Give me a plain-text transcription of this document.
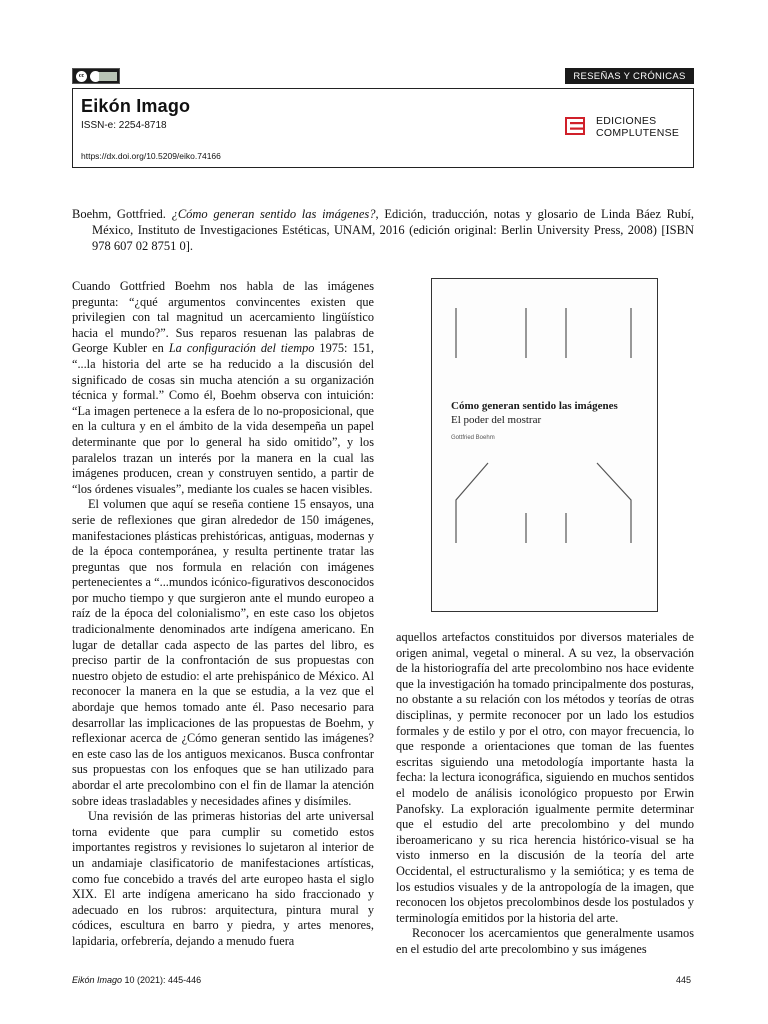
cc	RESEÑAS Y CRÓNICAS
Eikón Imago
ISSN-e: 2254-8718
https://dx.doi.org/10.5209/eiko.74166
EDICIONES
COMPLUTENSE
Boehm, Gottfried. ¿Cómo generan sentido las imágenes?, Edición, traducción, notas y glosario de Linda Báez Rubí, México, Instituto de Investigaciones Estéticas, UNAM, 2016 (edición original: Berlin University Press, 2008) [ISBN 978 607 02 8751 0].

Cuando Gottfried Boehm nos habla de las imágenes pregunta: “¿qué argumentos convincentes existen que privilegien con tal magnitud un acercamiento lingüístico hacia el mundo?”. Sus reparos resuenan las palabras de George Kubler en La configuración del tiempo 1975: 151, “...la historia del arte se ha reducido a la discusión del significado de cosas sin mucha atención a su organización técnica y formal.” Como él, Boehm observa con intuición: “La imagen pertenece a la esfera de lo no-proposicional, que en la cultura y en el ámbito de la vida desempeña un papel determinante que por lo general ha sido omitido”, y los paralelos trazan un interés por la manera en la cual las imágenes producen, crean y construyen sentido, a partir de “los órdenes visuales”, mediante los cuales se hacen visibles.

El volumen que aquí se reseña contiene 15 ensayos, una serie de reflexiones que giran alrededor de 150 imágenes, manifestaciones plásticas prehistóricas, antiguas, modernas y de la época contemporánea, y resulta pertinente tratar las preguntas que nos formula en relación con imágenes pertenecientes a “...mundos icónico-figurativos desconocidos por mucho tiempo y que surgieron ante el mundo europeo a raíz de la época del colonialismo”, en este caso los objetos tradicionalmente denominados arte indígena americano. En lugar de detallar cada aspecto de las partes del libro, es preciso partir de la confrontación de sus propuestas con nuestro objeto de estudio: el arte prehispánico de México. Al reconocer la manera en la que se estudia, a la vez que el abordaje que hemos tomado ante él. Paso necesario para desarrollar las implicaciones de las propuestas de Boehm, y reflexionar acerca de ¿Cómo generan sentido las imágenes? en este caso las de los antiguos mexicanos. Busca confrontar sus propuestas con los enfoques que se han utilizado para abordar el arte precolombino con el fin de llamar la atención sobre ideas trasladables y necesidades afines y disímiles.

Una revisión de las primeras historias del arte universal torna evidente que para cumplir su cometido estos importantes registros y revisiones lo sujetaron al interior de un andamiaje clasificatorio de manifestaciones artísticas, como fue concebido a través del arte europeo hasta el siglo XIX. El arte indígena americano ha sido fraccionado y adecuado en los rubros: arquitectura, pintura mural y códices, escultura en barro y piedra, y artes menores, lapidaria, orfebrería, dejando a menudo fuera

Cómo generan sentido las imágenes
El poder del mostrar
Gottfried Boehm

aquellos artefactos constituidos por diversos materiales de origen animal, vegetal o mineral. A su vez, la observación de la historiografía del arte precolombino nos hace evidente que la investigación ha tomado principalmente dos posturas, no obstante a su relación con los métodos y teorías de otras disciplinas, y permite reconocer por un lado los estudios formales y de estilo y por el otro, con mayor frecuencia, lo que responde a orientaciones que toman de las fuentes escritas siguiendo una metodología importante hasta la fecha: la lectura iconográfica, siguiendo en muchos sentidos el modelo de análisis iconológico propuesto por Erwin Panofsky. La exploración igualmente permite determinar que el estudio del arte precolombino y del mundo iberoamericano y su rica herencia histórico-visual se ha visto inmerso en la discusión de la teoría del arte Occidental, el estructuralismo y la semiótica; y es tema de los estudios visuales y de la antropología de la imagen, que reconocen los objetos precolombinos desde los postulados y terminología emitidos por la historia del arte.

Reconocer los acercamientos que generalmente usamos en el estudio del arte precolombino y sus imágenes

Eikón Imago 10 (2021): 445-446	445
